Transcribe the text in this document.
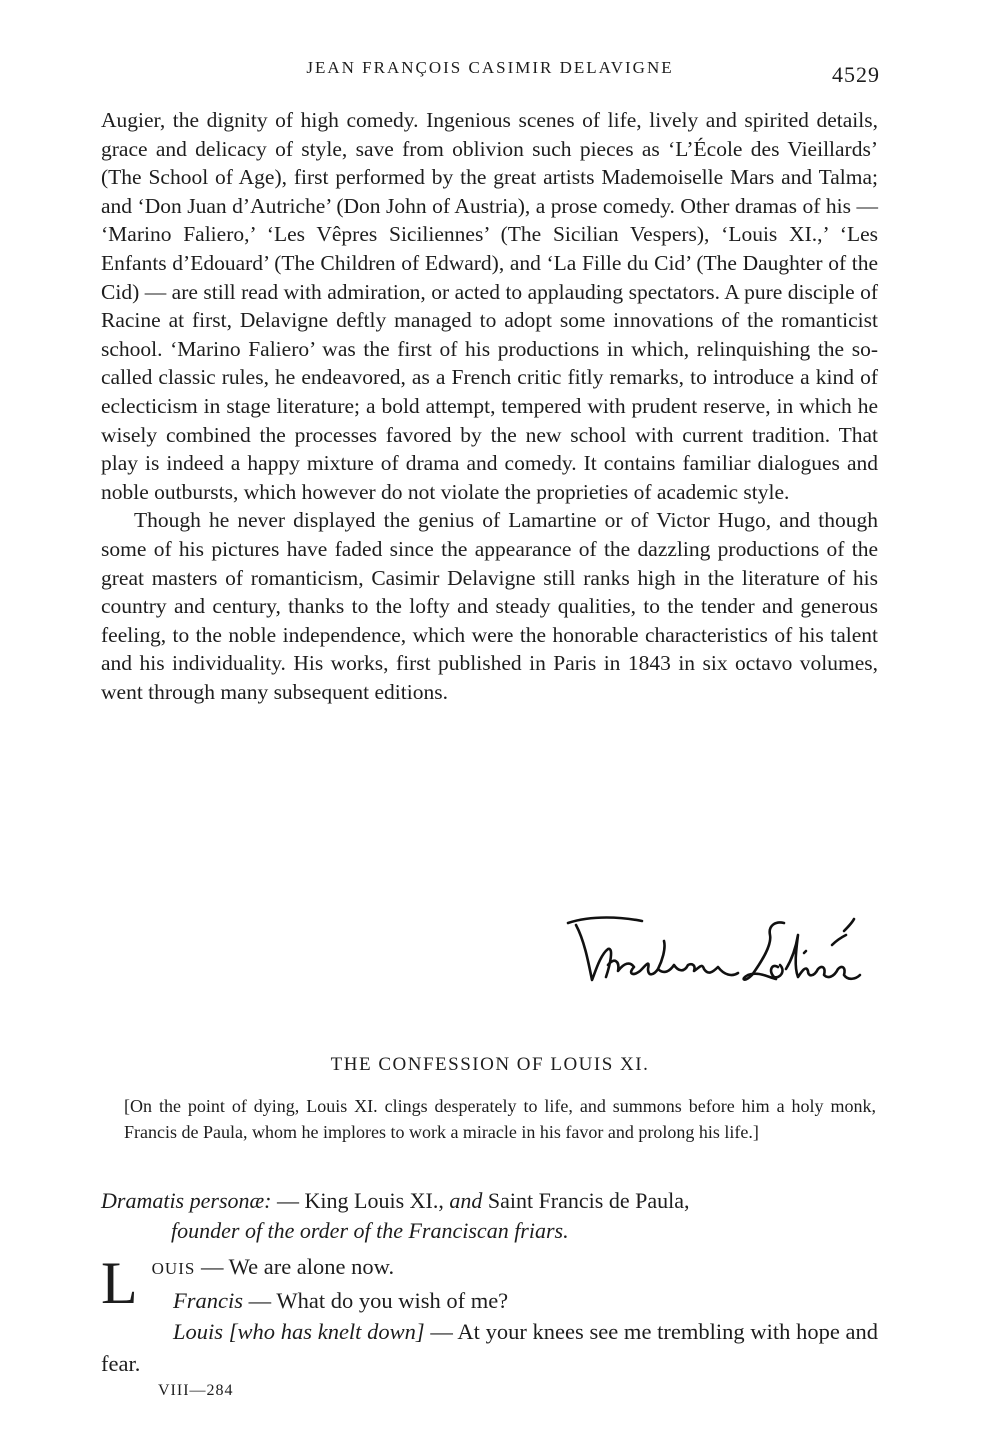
JEAN FRANÇOIS CASIMIR DELAVIGNE	4529

Augier, the dignity of high comedy. Ingenious scenes of life, lively and spirited details, grace and delicacy of style, save from oblivion such pieces as ‘L’École des Vieillards’ (The School of Age), first performed by the great artists Mademoiselle Mars and Talma; and ‘Don Juan d’Autriche’ (Don John of Austria), a prose comedy. Other dramas of his — ‘Marino Faliero,’ ‘Les Vêpres Siciliennes’ (The Sicilian Vespers), ‘Louis XI.,’ ‘Les Enfants d’Edouard’ (The Children of Edward), and ‘La Fille du Cid’ (The Daughter of the Cid) — are still read with admiration, or acted to applauding spectators. A pure disciple of Racine at first, Delavigne deftly managed to adopt some innovations of the romanticist school. ‘Marino Faliero’ was the first of his productions in which, relinquishing the so-called classic rules, he endeavored, as a French critic fitly remarks, to introduce a kind of eclecticism in stage literature; a bold attempt, tempered with prudent reserve, in which he wisely combined the processes favored by the new school with current tradition. That play is indeed a happy mixture of drama and comedy. It contains familiar dialogues and noble outbursts, which however do not violate the proprieties of academic style.

Though he never displayed the genius of Lamartine or of Victor Hugo, and though some of his pictures have faded since the appearance of the dazzling productions of the great masters of romanticism, Casimir Delavigne still ranks high in the literature of his country and century, thanks to the lofty and steady qualities, to the tender and generous feeling, to the noble independence, which were the honorable characteristics of his talent and his individuality. His works, first published in Paris in 1843 in six octavo volumes, went through many subsequent editions.

THE CONFESSION OF LOUIS XI.
[On the point of dying, Louis XI. clings desperately to life, and summons before him a holy monk, Francis de Paula, whom he implores to work a miracle in his favor and prolong his life.]
Dramatis personæ: — King Louis XI., and Saint Francis de Paula,
founder of the order of the Franciscan friars.
L OUIS — We are alone now.
Francis — What do you wish of me?
Louis [who has knelt down] — At your knees see me trembling with hope and fear.
VIII—284
